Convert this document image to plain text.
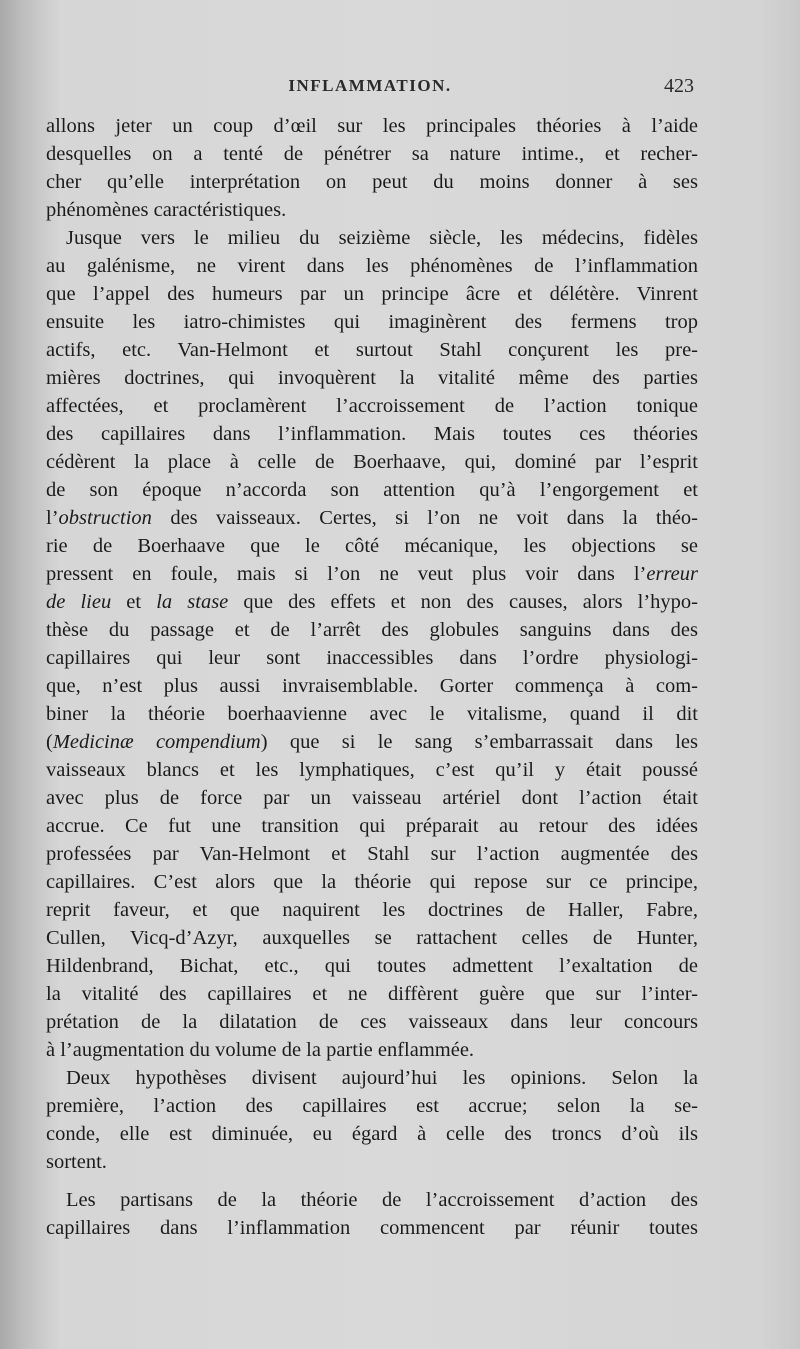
INFLAMMATION.	423
allons jeter un coup d’œil sur les principales théories à l’aide
desquelles on a tenté de pénétrer sa nature intime., et recher-
cher qu’elle interprétation on peut du moins donner à ses
phénomènes caractéristiques.
Jusque vers le milieu du seizième siècle, les médecins, fidèles
au galénisme, ne virent dans les phénomènes de l’inflammation
que l’appel des humeurs par un principe âcre et délétère. Vinrent
ensuite les iatro-chimistes qui imaginèrent des fermens trop
actifs, etc. Van-Helmont et surtout Stahl conçurent les pre-
mières doctrines, qui invoquèrent la vitalité même des parties
affectées, et proclamèrent l’accroissement de l’action tonique
des capillaires dans l’inflammation. Mais toutes ces théories
cédèrent la place à celle de Boerhaave, qui, dominé par l’esprit
de son époque n’accorda son attention qu’à l’engorgement et
l’obstruction des vaisseaux. Certes, si l’on ne voit dans la théo-
rie de Boerhaave que le côté mécanique, les objections se
pressent en foule, mais si l’on ne veut plus voir dans l’erreur
de lieu et la stase que des effets et non des causes, alors l’hypo-
thèse du passage et de l’arrêt des globules sanguins dans des
capillaires qui leur sont inaccessibles dans l’ordre physiologi-
que, n’est plus aussi invraisemblable. Gorter commença à com-
biner la théorie boerhaavienne avec le vitalisme, quand il dit
(Medicinæ compendium) que si le sang s’embarrassait dans les
vaisseaux blancs et les lymphatiques, c’est qu’il y était poussé
avec plus de force par un vaisseau artériel dont l’action était
accrue. Ce fut une transition qui préparait au retour des idées
professées par Van-Helmont et Stahl sur l’action augmentée des
capillaires. C’est alors que la théorie qui repose sur ce principe,
reprit faveur, et que naquirent les doctrines de Haller, Fabre,
Cullen, Vicq-d’Azyr, auxquelles se rattachent celles de Hunter,
Hildenbrand, Bichat, etc., qui toutes admettent l’exaltation de
la vitalité des capillaires et ne diffèrent guère que sur l’inter-
prétation de la dilatation de ces vaisseaux dans leur concours
à l’augmentation du volume de la partie enflammée.
Deux hypothèses divisent aujourd’hui les opinions. Selon la
première, l’action des capillaires est accrue; selon la se-
conde, elle est diminuée, eu égard à celle des troncs d’où ils
sortent.
Les partisans de la théorie de l’accroissement d’action des
capillaires dans l’inflammation commencent par réunir toutes
